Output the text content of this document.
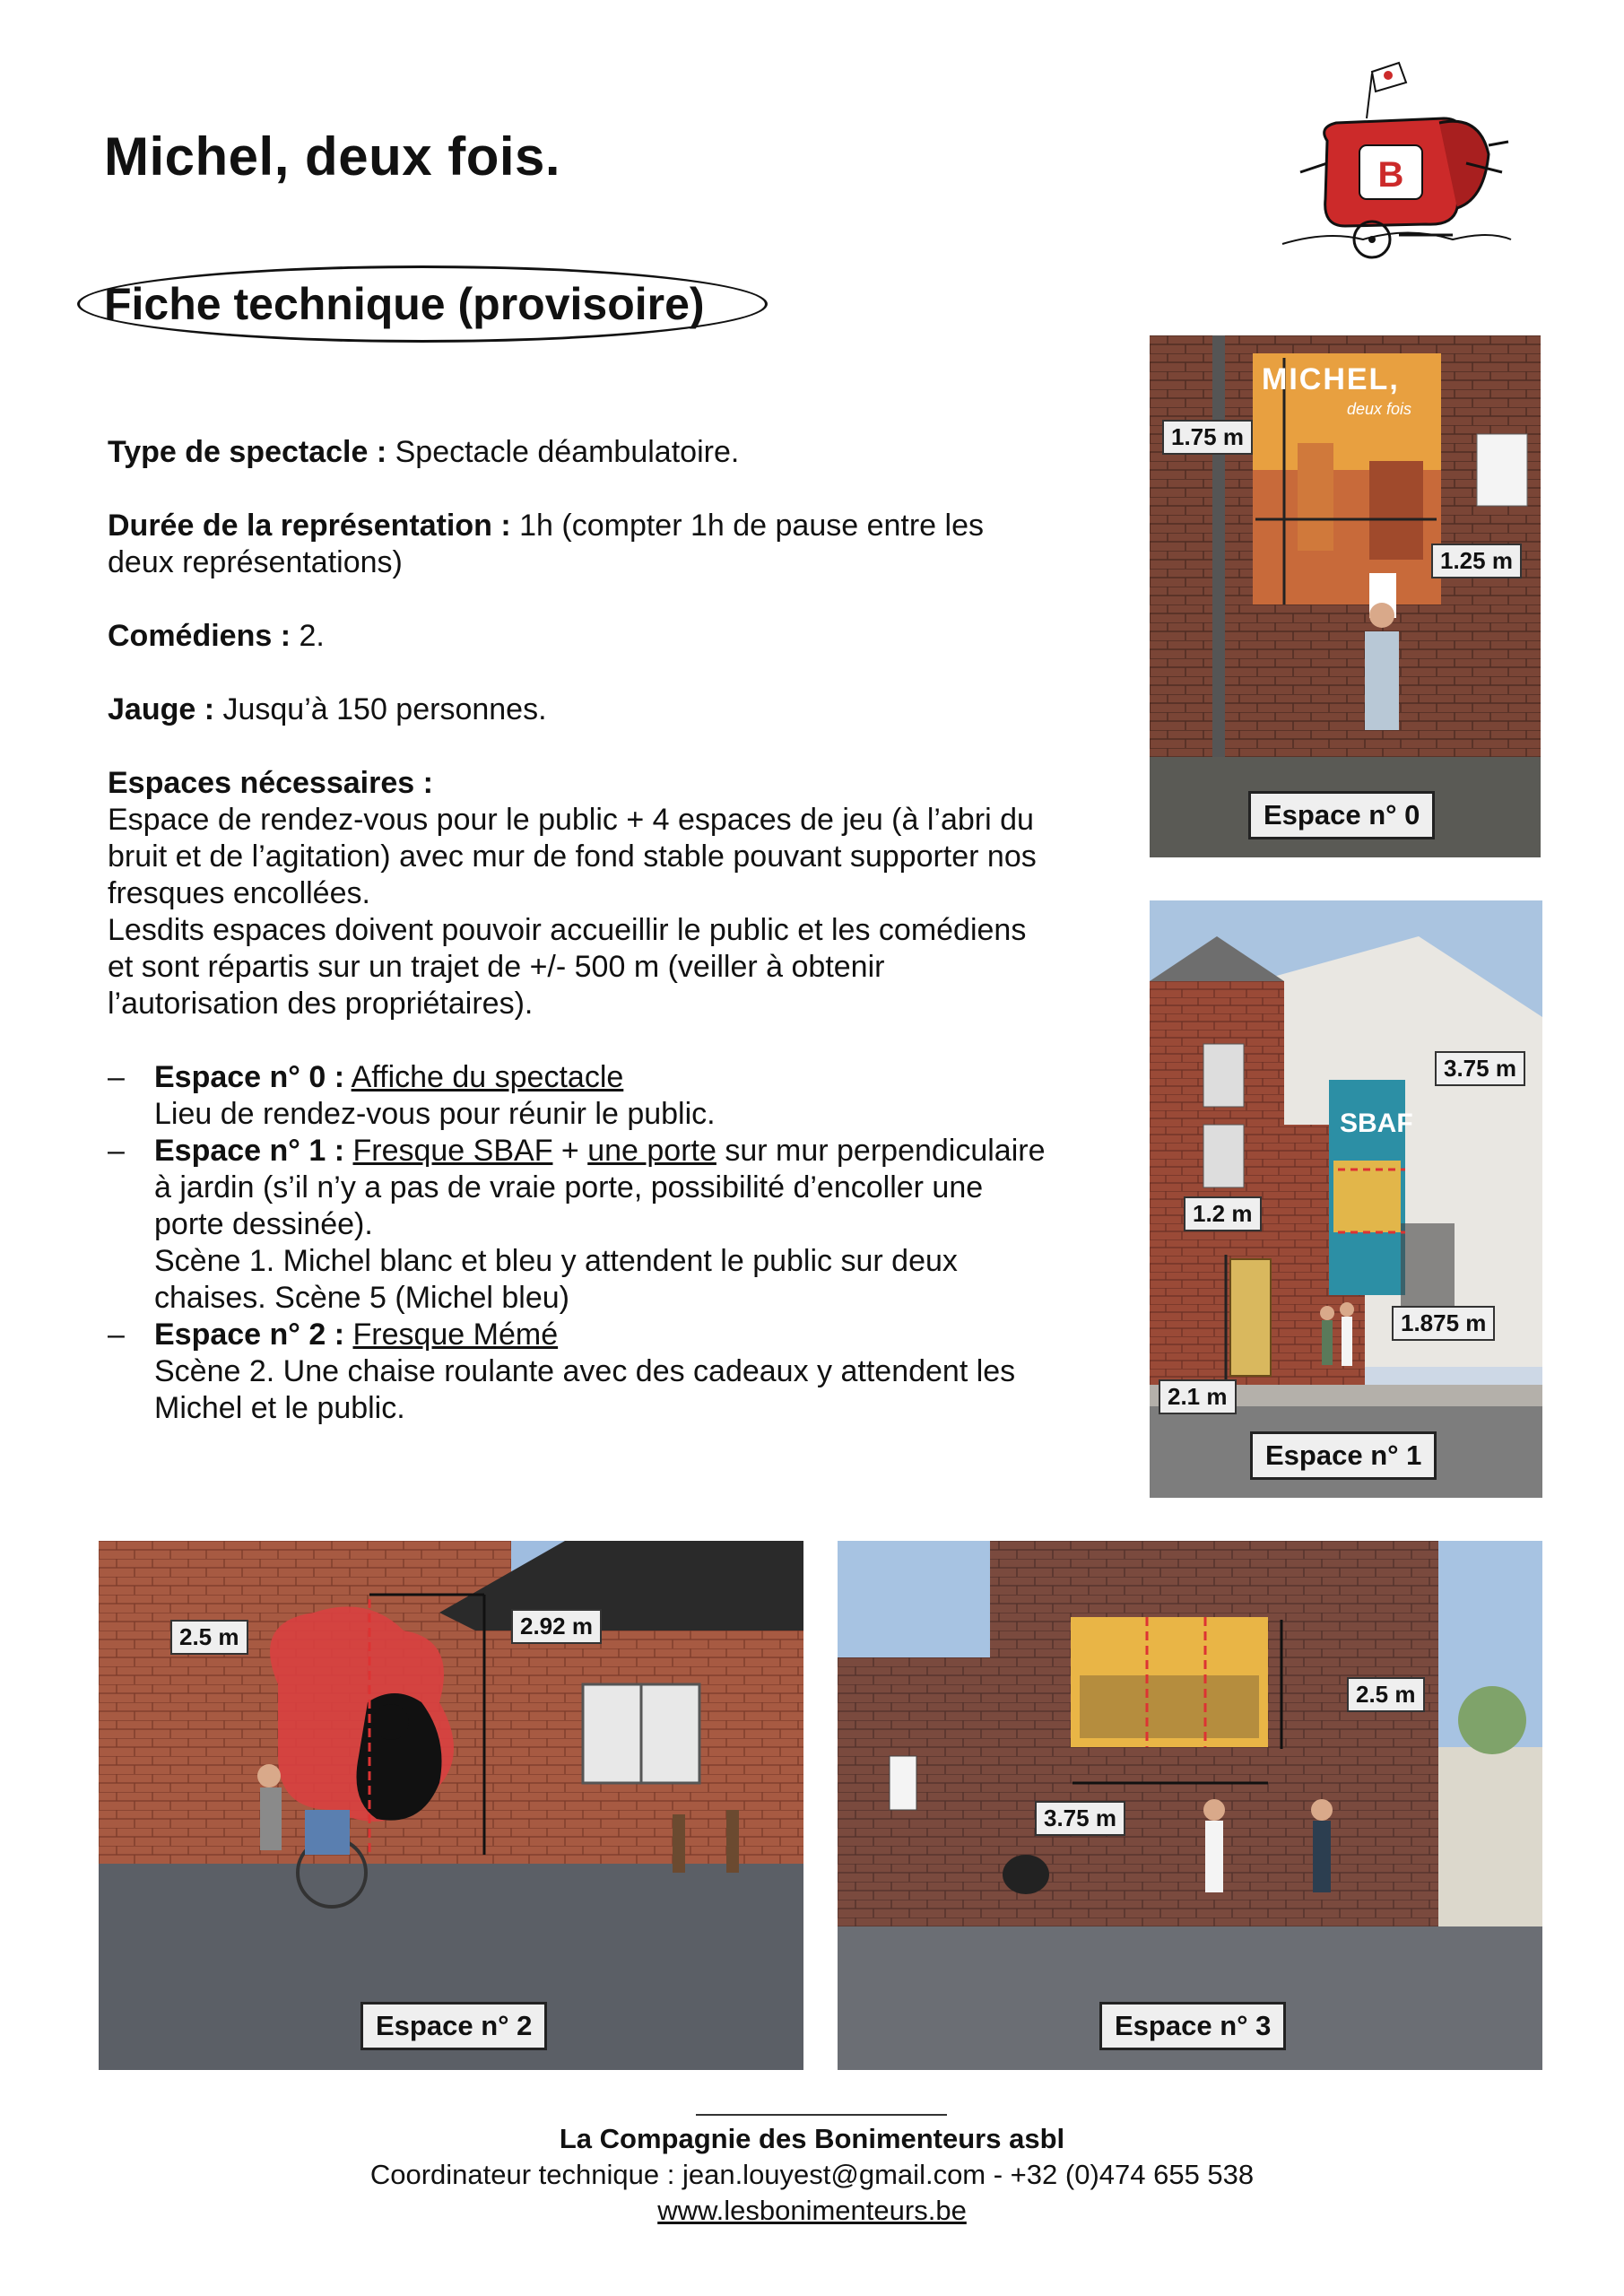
Michel, deux fois.
Fiche technique (provisoire)
B

Type de spectacle : Spectacle déambulatoire.

Durée de la représentation : 1h (compter 1h de pause entre les deux représentations)

Comédiens : 2.

Jauge : Jusqu’à 150 personnes.

Espaces nécessaires :

Espace de rendez-vous pour le public + 4 espaces de jeu (à l’abri du bruit et de l’agitation) avec mur de fond stable pouvant supporter nos fresques encollées.

Lesdits espaces doivent pouvoir accueillir le public et les comédiens et sont répartis sur un trajet de +/- 500 m (veiller à obtenir l’autorisation des propriétaires).

– Espace n° 0 : Affiche du spectacle
Lieu de rendez-vous pour réunir le public.
– Espace n° 1 : Fresque SBAF + une porte sur mur perpendiculaire à jardin (s’il n’y a pas de vraie porte, possibilité d’encoller une porte dessinée).
Scène 1. Michel blanc et bleu y attendent le public sur deux chaises. Scène 5 (Michel bleu)
– Espace n° 2 : Fresque Mémé
Scène 2. Une chaise roulante avec des cadeaux y attendent les Michel et le public.
MICHEL,
deux fois
1.75 m
1.25 m
Espace n° 0
SBAF
3.75 m
1.2 m
1.875 m
2.1 m
Espace n° 1
2.5 m	2.92 m
Espace n° 2
2.5 m
3.75 m
Espace n° 3
La Compagnie des Bonimenteurs asbl
Coordinateur technique : jean.louyest@gmail.com - +32 (0)474 655 538
www.lesbonimenteurs.be
